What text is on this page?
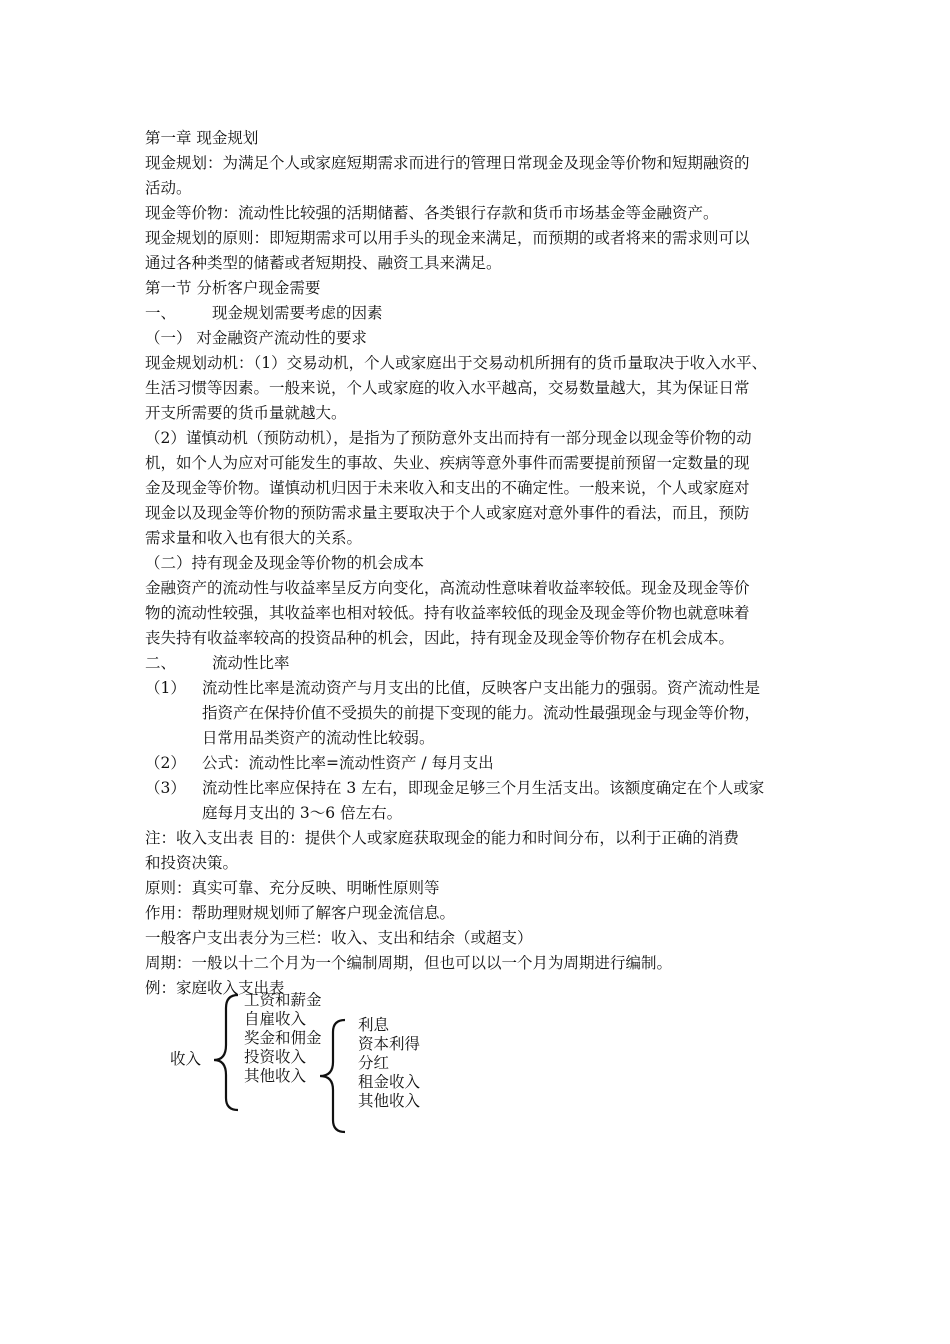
第一章 现金规划
现金规划：为满足个人或家庭短期需求而进行的管理日常现金及现金等价物和短期融资的
活动。
现金等价物：流动性比较强的活期储蓄、各类银行存款和货币市场基金等金融资产。
现金规划的原则：即短期需求可以用手头的现金来满足，而预期的或者将来的需求则可以
通过各种类型的储蓄或者短期投、融资工具来满足。
第一节 分析客户现金需要
一、 现金规划需要考虑的因素
（一） 对金融资产流动性的要求
现金规划动机：（1）交易动机，个人或家庭出于交易动机所拥有的货币量取决于收入水平、
生活习惯等因素。一般来说，个人或家庭的收入水平越高，交易数量越大，其为保证日常
开支所需要的货币量就越大。
（2）谨慎动机（预防动机），是指为了预防意外支出而持有一部分现金以现金等价物的动
机，如个人为应对可能发生的事故、失业、疾病等意外事件而需要提前预留一定数量的现
金及现金等价物。谨慎动机归因于未来收入和支出的不确定性。一般来说，个人或家庭对
现金以及现金等价物的预防需求量主要取决于个人或家庭对意外事件的看法，而且，预防
需求量和收入也有很大的关系。
（二）持有现金及现金等价物的机会成本
金融资产的流动性与收益率呈反方向变化，高流动性意味着收益率较低。现金及现金等价
物的流动性较强，其收益率也相对较低。持有收益率较低的现金及现金等价物也就意味着
丧失持有收益率较高的投资品种的机会，因此，持有现金及现金等价物存在机会成本。
二、 流动性比率
（1） 流动性比率是流动资产与月支出的比值，反映客户支出能力的强弱。资产流动性是
指资产在保持价值不受损失的前提下变现的能力。流动性最强现金与现金等价物，
日常用品类资产的流动性比较弱。
（2） 公式：流动性比率=流动性资产 / 每月支出
（3） 流动性比率应保持在 3 左右，即现金足够三个月生活支出。该额度确定在个人或家
庭每月支出的 3～6 倍左右。
注：收入支出表 目的：提供个人或家庭获取现金的能力和时间分布，以利于正确的消费
和投资决策。
原则：真实可靠、充分反映、明晰性原则等
作用：帮助理财规划师了解客户现金流信息。
一般客户支出表分为三栏：收入、支出和结余（或超支）
周期：一般以十二个月为一个编制周期，但也可以以一个月为周期进行编制。
例：家庭收入支出表
收入
工资和薪金
自雇收入
奖金和佣金
投资收入
其他收入
利息
资本利得
分红
租金收入
其他收入
